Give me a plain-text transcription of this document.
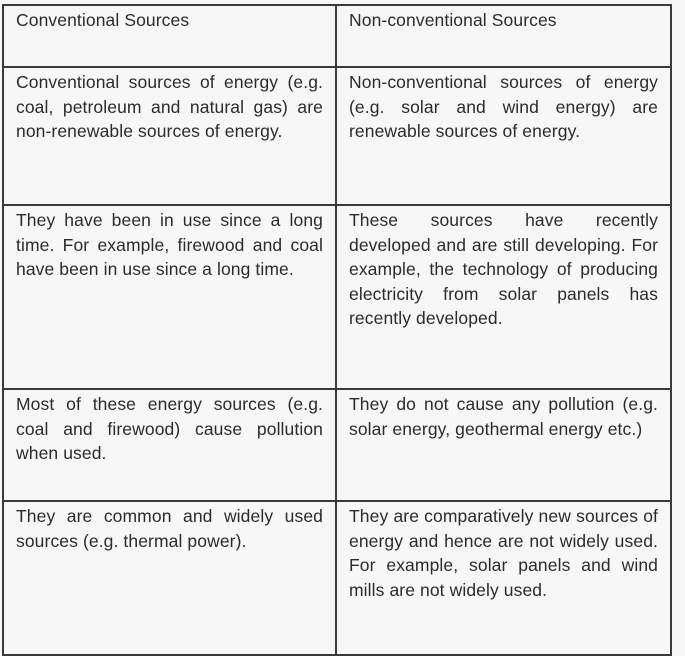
Conventional Sources	Non-conventional Sources

Conventional sources of energy (e.g. coal, petroleum and natural gas) are non-renewable sources of energy.	Non-conventional sources of energy (e.g. solar and wind energy) are renewable sources of energy.

They have been in use since a long time. For example, firewood and coal have been in use since a long time.	These sources have recently developed and are still developing. For example, the technology of producing electricity from solar panels has recently developed.

Most of these energy sources (e.g. coal and firewood) cause pollution when used.	They do not cause any pollution (e.g. solar energy, geothermal energy etc.)

They are common and widely used sources (e.g. thermal power).	They are comparatively new sources of energy and hence are not widely used. For example, solar panels and wind mills are not widely used.
